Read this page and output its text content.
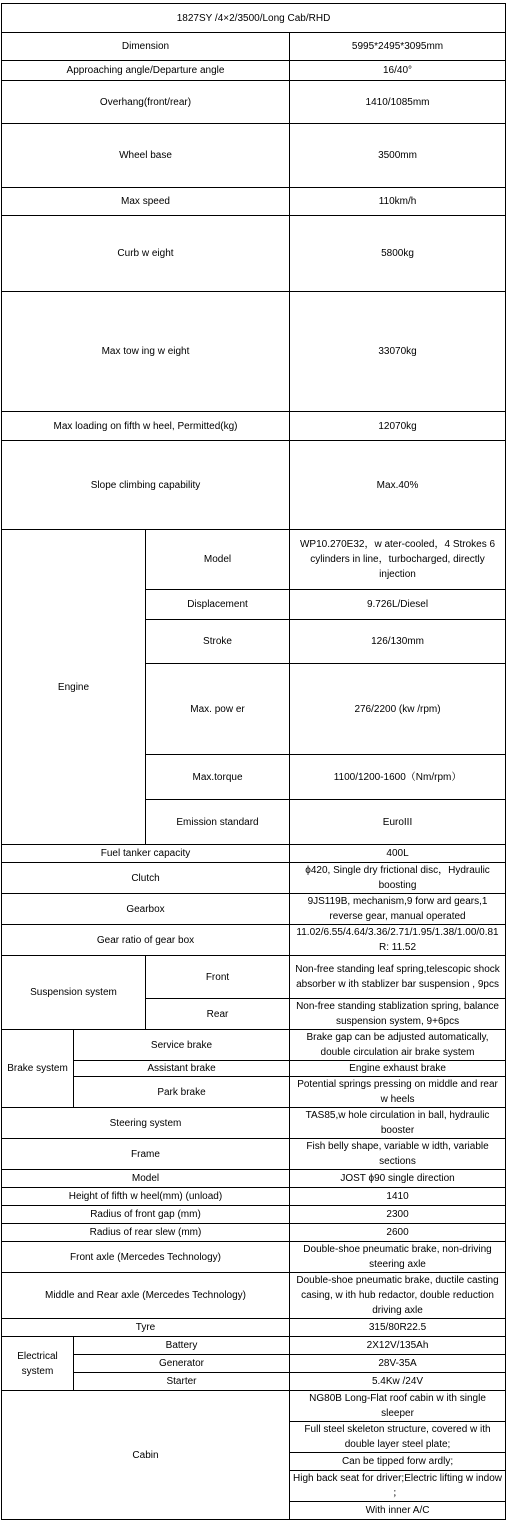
1827SY /4×2/3500/Long Cab/RHD			
Dimension			5995*2495*3095mm
Approaching angle/Departure angle			16/40°
Overhang(front/rear)			1410/1085mm
Wheel base			3500mm
Max speed			110km/h
Curb w eight			5800kg
Max tow ing w eight			33070kg
Max loading on fifth w heel, Permitted(kg)			12070kg
Slope climbing capability			Max.40%
Engine		Model	WP10.270E32，w ater-cooled，4 Strokes 6 cylinders in line，turbocharged, directly injection
		Displacement	9.726L/Diesel
		Stroke	126/130mm
		Max. pow er	276/2200 (kw /rpm)
		Max.torque	1100/1200-1600（Nm/rpm）
		Emission standard	EuroIII
Fuel tanker capacity			400L
Clutch			ϕ420, Single dry frictional disc，Hydraulic boosting
Gearbox			9JS119B, mechanism,9 forw ard gears,1 reverse gear, manual operated
Gear ratio of gear box			11.02/6.55/4.64/3.36/2.71/1.95/1.38/1.00/0.81 R: 11.52
Suspension system		Front	Non-free standing leaf spring,telescopic shock absorber w ith stablizer bar suspension , 9pcs
		Rear	Non-free standing stablization spring, balance suspension system, 9+6pcs
Brake system	Service brake		Brake gap can be adjusted automatically, double circulation air brake system
	Assistant brake		Engine exhaust brake
	Park brake		Potential springs pressing on middle and rear w heels
Steering system			TAS85,w hole circulation in ball, hydraulic booster
Frame			Fish belly shape, variable w idth, variable sections
Model			JOST ϕ90 single direction
Height of fifth w heel(mm) (unload)			1410
Radius of front gap (mm)			2300
Radius of rear slew (mm)			2600
Front axle (Mercedes Technology)			Double-shoe pneumatic brake, non-driving steering axle
Middle and Rear axle (Mercedes Technology)			Double-shoe pneumatic brake, ductile casting casing, w ith hub redactor, double reduction driving axle
Tyre			315/80R22.5
Electrical system	Battery		2X12V/135Ah
	Generator		28V-35A
	Starter		5.4Kw /24V
Cabin			NG80B Long-Flat roof cabin w ith single sleeper
			Full steel skeleton structure, covered w ith double layer steel plate;
			Can be tipped forw ardly;
			High back seat for driver;Electric lifting w indow ；
			With inner A/C
